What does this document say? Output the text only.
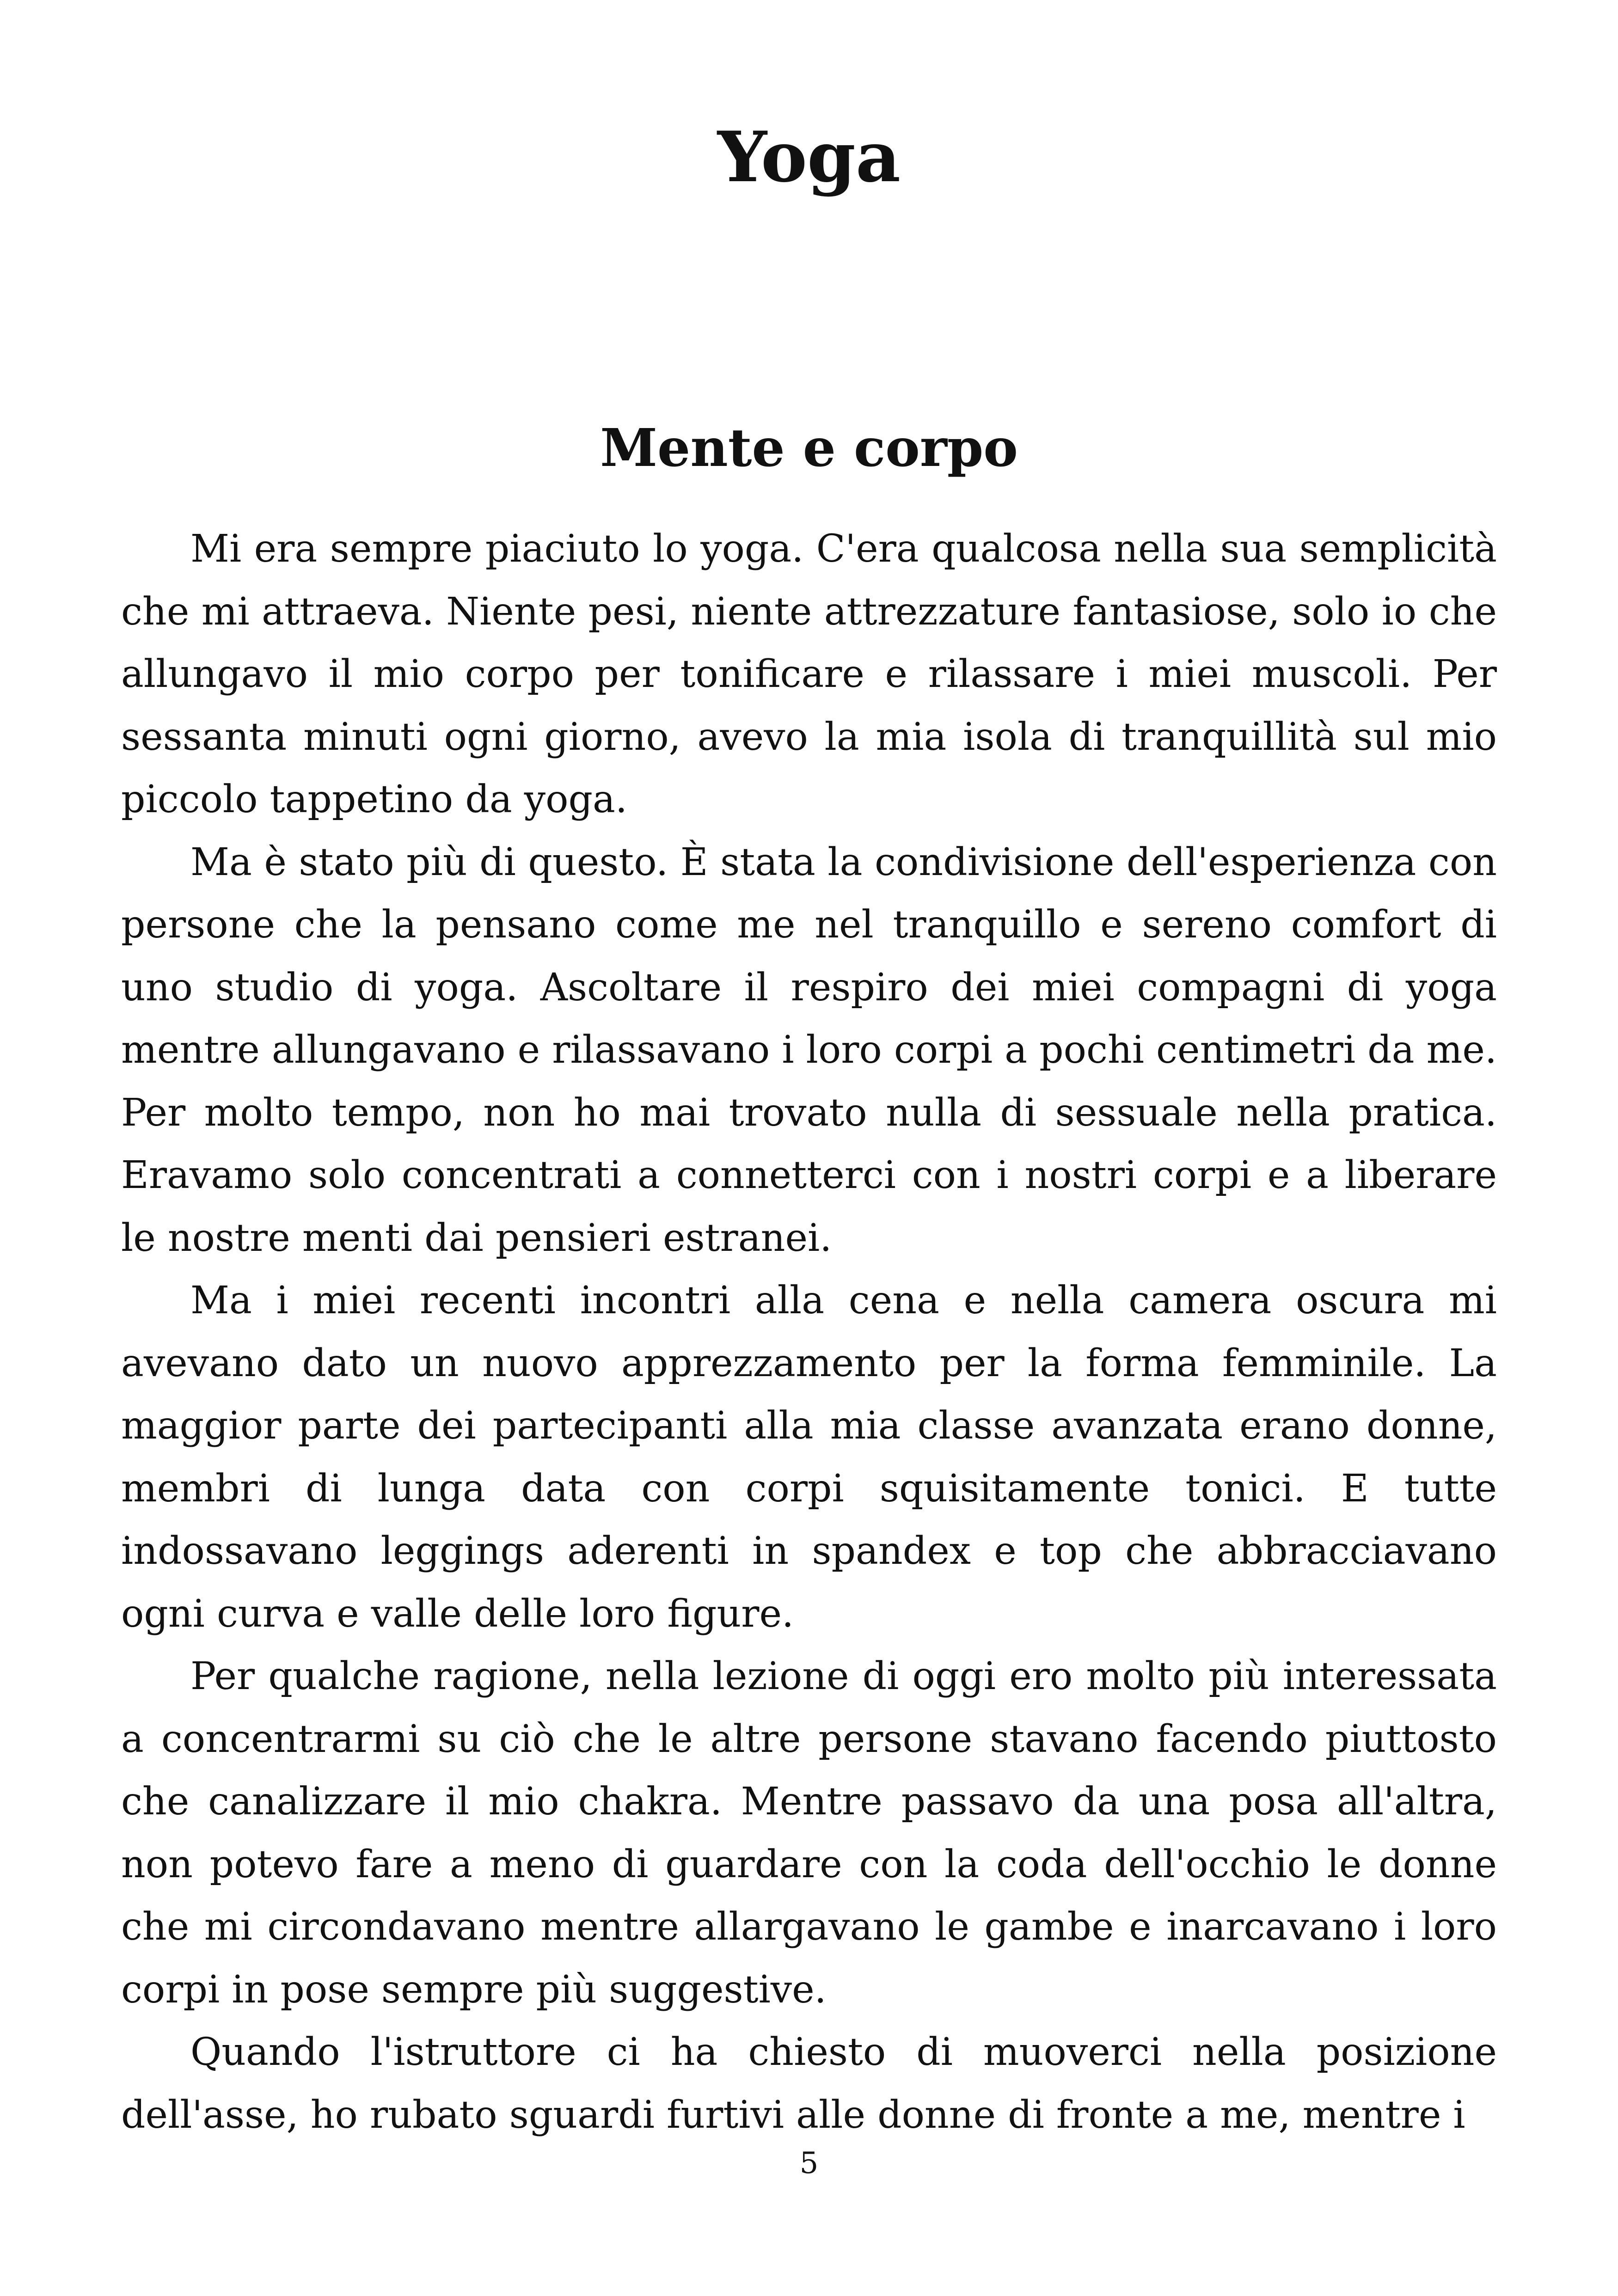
Yoga
Mente e corpo

Mi era sempre piaciuto lo yoga. C'era qualcosa nella sua semplicità che mi attraeva. Niente pesi, niente attrezzature fantasiose, solo io che allungavo il mio corpo per tonificare e rilassare i miei muscoli. Per sessanta minuti ogni giorno, avevo la mia isola di tranquillità sul mio piccolo tappetino da yoga.

Ma è stato più di questo. È stata la condivisione dell'esperienza con persone che la pensano come me nel tranquillo e sereno comfort di uno studio di yoga. Ascoltare il respiro dei miei compagni di yoga mentre allungavano e rilassavano i loro corpi a pochi centimetri da me. Per molto tempo, non ho mai trovato nulla di sessuale nella pratica. Eravamo solo concentrati a connetterci con i nostri corpi e a liberare le nostre menti dai pensieri estranei.

Ma i miei recenti incontri alla cena e nella camera oscura mi avevano dato un nuovo apprezzamento per la forma femminile. La maggior parte dei partecipanti alla mia classe avanzata erano donne, membri di lunga data con corpi squisitamente tonici. E tutte indossavano leggings aderenti in spandex e top che abbracciavano ogni curva e valle delle loro figure.

Per qualche ragione, nella lezione di oggi ero molto più interessata a concentrarmi su ciò che le altre persone stavano facendo piuttosto che canalizzare il mio chakra. Mentre passavo da una posa all'altra, non potevo fare a meno di guardare con la coda dell'occhio le donne che mi circondavano mentre allargavano le gambe e inarcavano i loro corpi in pose sempre più suggestive.

Quando l'istruttore ci ha chiesto di muoverci nella posizione dell'asse, ho rubato sguardi furtivi alle donne di fronte a me, mentre i

5
